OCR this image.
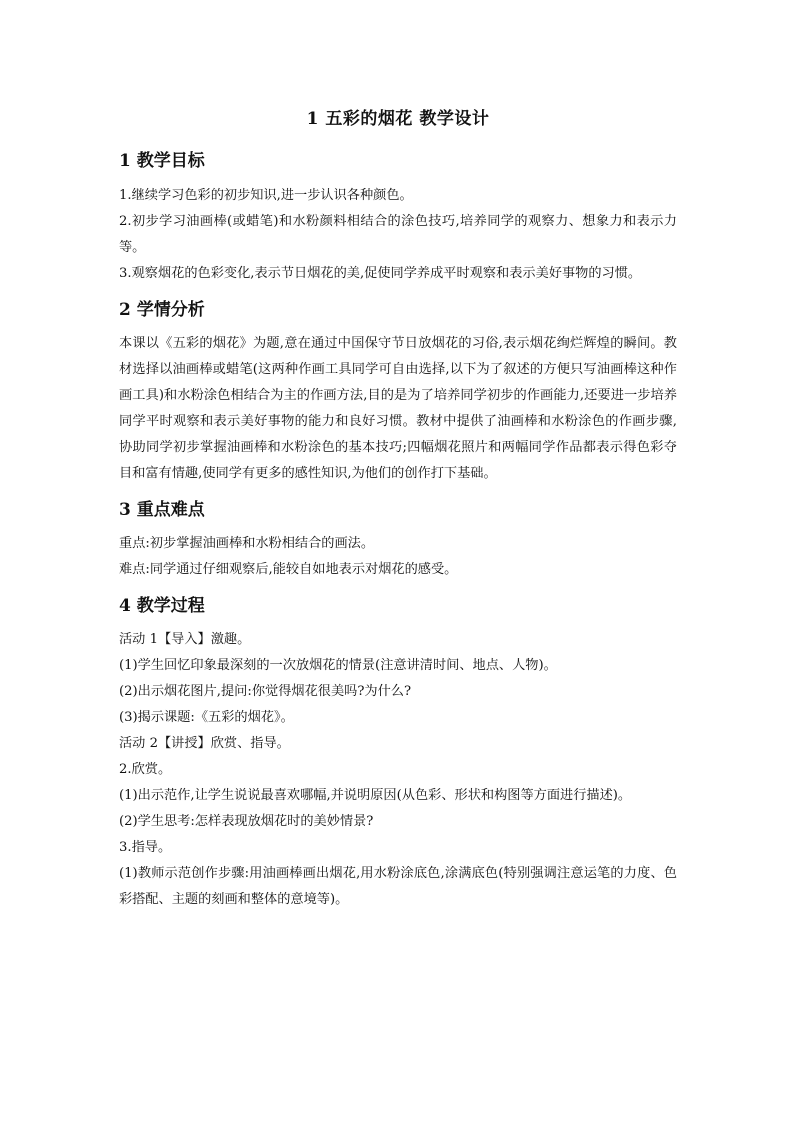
1 五彩的烟花 教学设计
1 教学目标

1.继续学习色彩的初步知识,进一步认识各种颜色。

2.初步学习油画棒(或蜡笔)和水粉颜料相结合的涂色技巧,培养同学的观察力、想象力和表示力等。

3.观察烟花的色彩变化,表示节日烟花的美,促使同学养成平时观察和表示美好事物的习惯。

2 学情分析

本课以《五彩的烟花》为题,意在通过中国保守节日放烟花的习俗,表示烟花绚烂辉煌的瞬间。教材选择以油画棒或蜡笔(这两种作画工具同学可自由选择,以下为了叙述的方便只写油画棒这种作画工具)和水粉涂色相结合为主的作画方法,目的是为了培养同学初步的作画能力,还要进一步培养同学平时观察和表示美好事物的能力和良好习惯。教材中提供了油画棒和水粉涂色的作画步骤,协助同学初步掌握油画棒和水粉涂色的基本技巧;四幅烟花照片和两幅同学作品都表示得色彩夺目和富有情趣,使同学有更多的感性知识,为他们的创作打下基础。

3 重点难点

重点:初步掌握油画棒和水粉相结合的画法。

难点:同学通过仔细观察后,能较自如地表示对烟花的感受。

4 教学过程

活动 1【导入】激趣。

(1)学生回忆印象最深刻的一次放烟花的情景(注意讲清时间、地点、人物)。

(2)出示烟花图片,提问:你觉得烟花很美吗?为什么?

(3)揭示课题:《五彩的烟花》。

活动 2【讲授】欣赏、指导。

2.欣赏。

(1)出示范作,让学生说说最喜欢哪幅,并说明原因(从色彩、形状和构图等方面进行描述)。

(2)学生思考:怎样表现放烟花时的美妙情景?

3.指导。

(1)教师示范创作步骤:用油画棒画出烟花,用水粉涂底色,涂满底色(特别强调注意运笔的力度、色彩搭配、主题的刻画和整体的意境等)。
